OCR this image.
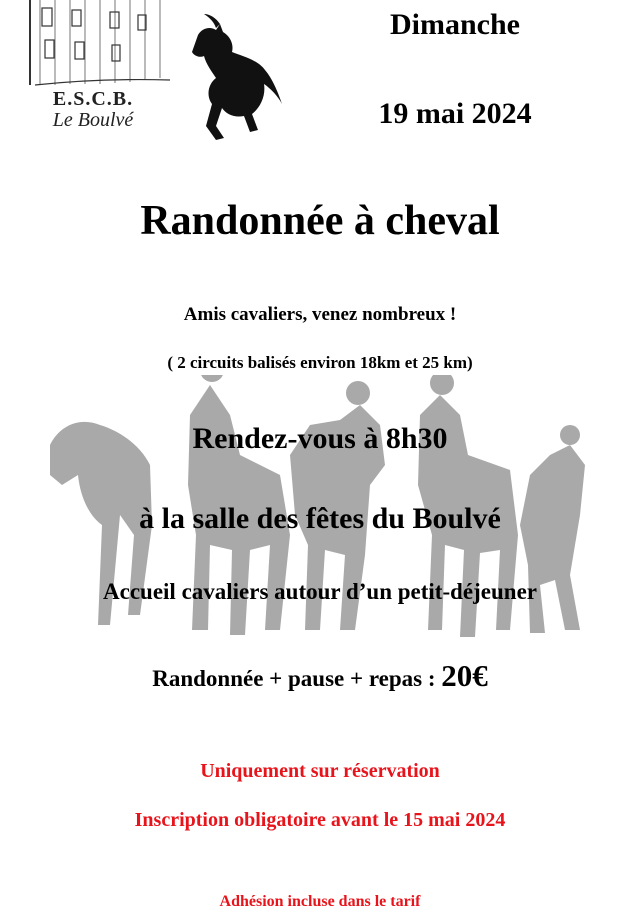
E.S.C.B.
Le Boulvé
Dimanche
19 mai 2024
Randonnée à cheval
Amis cavaliers, venez nombreux !
( 2 circuits balisés environ 18km et 25 km)
Rendez-vous à 8h30
à la salle des fêtes du Boulvé
Accueil cavaliers autour d’un petit-déjeuner
Randonnée + pause + repas : 20€
Uniquement sur réservation
Inscription obligatoire avant le 15 mai 2024
Adhésion incluse dans le tarif
